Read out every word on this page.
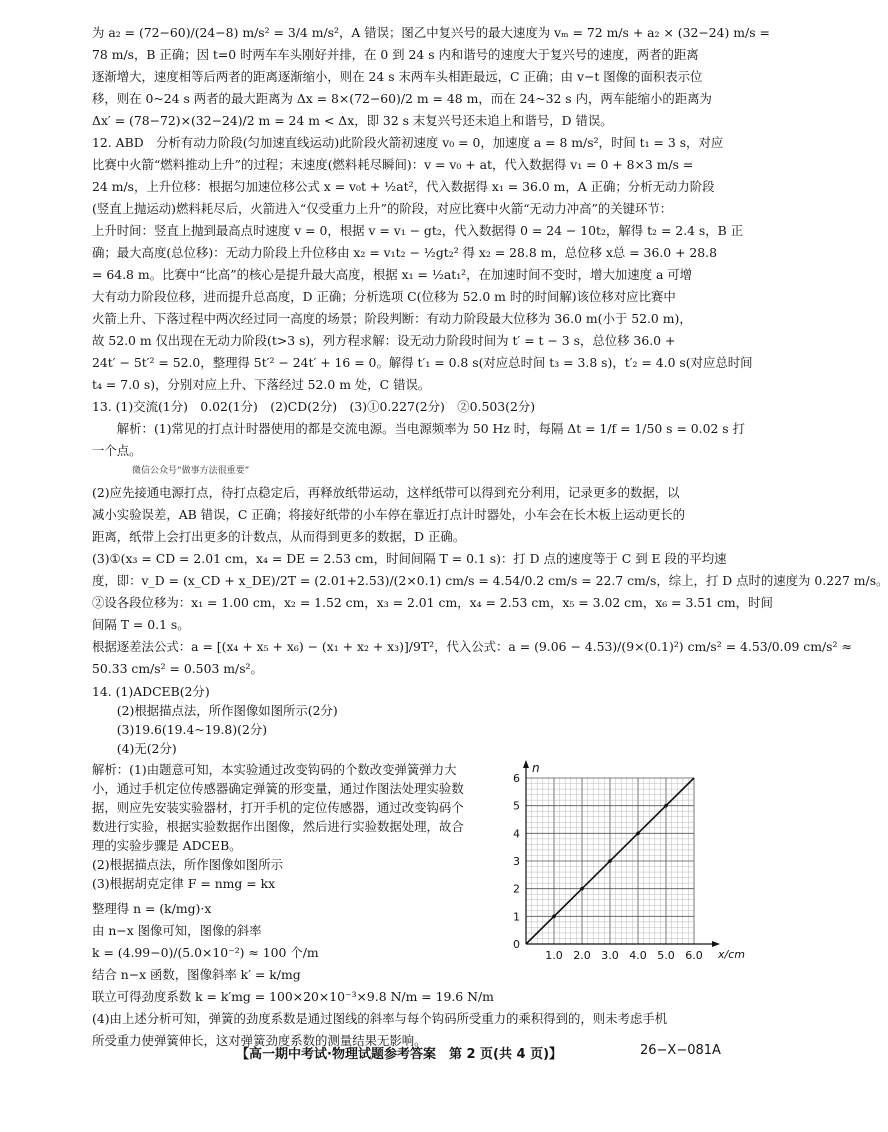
为 a₂ = (72−60)/(24−8) m/s² = 3/4 m/s²，A 错误；图乙中复兴号的最大速度为 vₘ = 72 m/s + a₂ × (32−24) m/s =
78 m/s，B 正确；因 t=0 时两车车头刚好并排，在 0 到 24 s 内和谐号的速度大于复兴号的速度，两者的距离
逐渐增大，速度相等后两者的距离逐渐缩小，则在 24 s 末两车头相距最远，C 正确；由 v−t 图像的面积表示位
移，则在 0~24 s 两者的最大距离为 Δx = 8×(72−60)/2 m = 48 m，而在 24~32 s 内，两车能缩小的距离为
Δx′ = (78−72)×(32−24)/2 m = 24 m < Δx，即 32 s 末复兴号还未追上和谐号，D 错误。
12. ABD　分析有动力阶段(匀加速直线运动)此阶段火箭初速度 v₀ = 0，加速度 a = 8 m/s²，时间 t₁ = 3 s，对应
比赛中火箭“燃料推动上升”的过程；末速度(燃料耗尽瞬间)：v = v₀ + at，代入数据得 v₁ = 0 + 8×3 m/s =
24 m/s，上升位移：根据匀加速位移公式 x = v₀t + ½at²，代入数据得 x₁ = 36.0 m，A 正确；分析无动力阶段
(竖直上抛运动)燃料耗尽后，火箭进入“仅受重力上升”的阶段，对应比赛中火箭“无动力冲高”的关键环节：
上升时间：竖直上抛到最高点时速度 v = 0，根据 v = v₁ − gt₂，代入数据得 0 = 24 − 10t₂，解得 t₂ = 2.4 s，B 正
确；最大高度(总位移)：无动力阶段上升位移由 x₂ = v₁t₂ − ½gt₂² 得 x₂ = 28.8 m，总位移 x总 = 36.0 + 28.8
= 64.8 m。比赛中“比高”的核心是提升最大高度，根据 x₁ = ½at₁²，在加速时间不变时，增大加速度 a 可增
大有动力阶段位移，进而提升总高度，D 正确；分析选项 C(位移为 52.0 m 时的时间解)该位移对应比赛中
火箭上升、下落过程中两次经过同一高度的场景；阶段判断：有动力阶段最大位移为 36.0 m(小于 52.0 m)，
故 52.0 m 仅出现在无动力阶段(t>3 s)，列方程求解：设无动力阶段时间为 t′ = t − 3 s，总位移 36.0 +
24t′ − 5t′² = 52.0，整理得 5t′² − 24t′ + 16 = 0。解得 t′₁ = 0.8 s(对应总时间 t₃ = 3.8 s)，t′₂ = 4.0 s(对应总时间
t₄ = 7.0 s)，分别对应上升、下落经过 52.0 m 处，C 错误。
13. (1)交流(1分)　0.02(1分)　(2)CD(2分)　(3)①0.227(2分)　②0.503(2分)
　　解析：(1)常见的打点计时器使用的都是交流电源。当电源频率为 50 Hz 时，每隔 Δt = 1/f = 1/50 s = 0.02 s 打
一个点。
微信公众号“做事方法很重要”
(2)应先接通电源打点，待打点稳定后，再释放纸带运动，这样纸带可以得到充分利用，记录更多的数据，以
减小实验误差，AB 错误，C 正确；将接好纸带的小车停在靠近打点计时器处，小车会在长木板上运动更长的
距离，纸带上会打出更多的计数点，从而得到更多的数据，D 正确。
(3)①(x₃ = CD = 2.01 cm，x₄ = DE = 2.53 cm，时间间隔 T = 0.1 s)：打 D 点的速度等于 C 到 E 段的平均速
度，即：v_D = (x_CD + x_DE)/2T = (2.01+2.53)/(2×0.1) cm/s = 4.54/0.2 cm/s = 22.7 cm/s，综上，打 D 点时的速度为 0.227 m/s。
②设各段位移为：x₁ = 1.00 cm，x₂ = 1.52 cm，x₃ = 2.01 cm，x₄ = 2.53 cm，x₅ = 3.02 cm，x₆ = 3.51 cm，时间
间隔 T = 0.1 s。
根据逐差法公式：a = [(x₄ + x₅ + x₆) − (x₁ + x₂ + x₃)]/9T²，代入公式：a = (9.06 − 4.53)/(9×(0.1)²) cm/s² = 4.53/0.09 cm/s² ≈
50.33 cm/s² = 0.503 m/s²。
14. (1)ADCEB(2分)
　　(2)根据描点法，所作图像如图所示(2分)
　　(3)19.6(19.4~19.8)(2分)
　　(4)无(2分)
解析：(1)由题意可知，本实验通过改变钩码的个数改变弹簧弹力大
小，通过手机定位传感器确定弹簧的形变量，通过作图法处理实验数
据，则应先安装实验器材，打开手机的定位传感器，通过改变钩码个
数进行实验，根据实验数据作出图像，然后进行实验数据处理，故合
理的实验步骤是 ADCEB。
(2)根据描点法，所作图像如图所示
(3)根据胡克定律 F = nmg = kx
整理得 n = (k/mg)·x
由 n−x 图像可知，图像的斜率
k = (4.99−0)/(5.0×10⁻²) ≈ 100 个/m
结合 n−x 函数，图像斜率 k′ = k/mg
联立可得劲度系数 k = k′mg = 100×20×10⁻³×9.8 N/m = 19.6 N/m
(4)由上述分析可知，弹簧的劲度系数是通过图线的斜率与每个钩码所受重力的乘积得到的，则未考虑手机
所受重力使弹簧伸长，这对弹簧劲度系数的测量结果无影响。
1.0 2.0 3.0 4.0 5.0 6.0
0
1
2
3
4
5
6
x/cm
n
【高一期中考试·物理试题参考答案　第 2 页(共 4 页)】	26−X−081A
